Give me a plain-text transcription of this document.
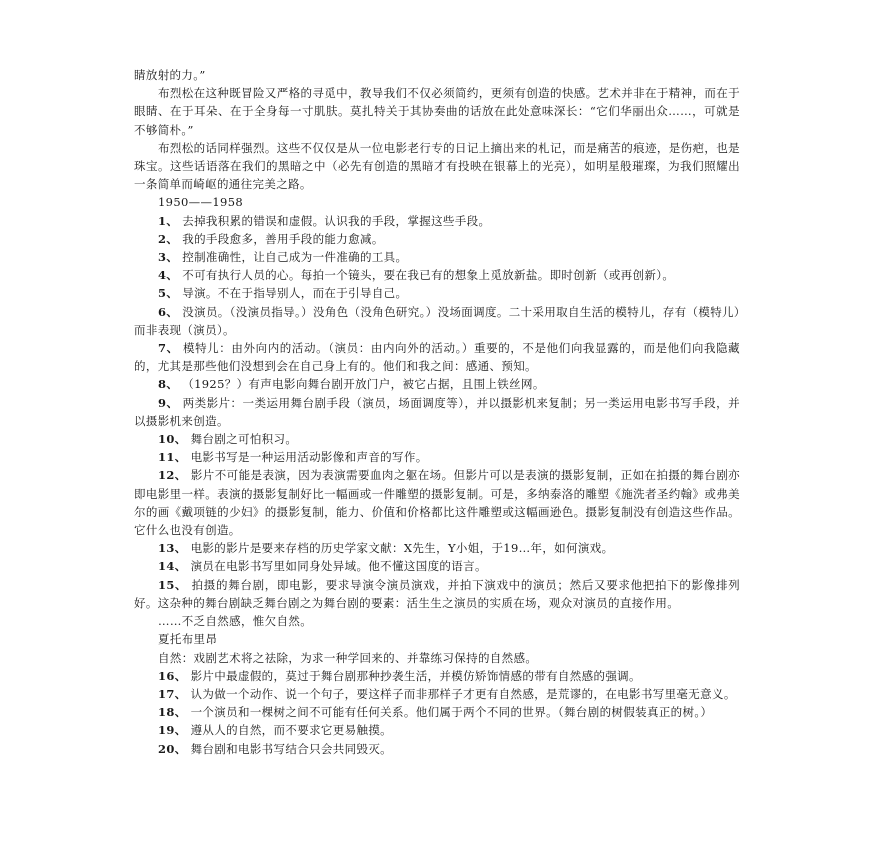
睛放射的力。”

布烈松在这种既冒险又严格的寻觅中，教导我们不仅必须简约，更须有创造的快感。艺术并非在于精神，而在于眼睛、在于耳朵、在于全身每一寸肌肤。莫扎特关于其协奏曲的话放在此处意味深长：“它们华丽出众……，可就是不够简朴。”

布烈松的话同样强烈。这些不仅仅是从一位电影老行专的日记上摘出来的札记，而是痛苦的痕迹，是伤疤，也是珠宝。这些话语落在我们的黑暗之中（必先有创造的黑暗才有投映在银幕上的光亮），如明星般璀璨，为我们照耀出一条简单而崎岖的通往完美之路。

1950——1958

1、 去掉我积累的错误和虚假。认识我的手段，掌握这些手段。

2、 我的手段愈多，善用手段的能力愈减。

3、 控制准确性，让自己成为一件准确的工具。

4、 不可有执行人员的心。每拍一个镜头，要在我已有的想象上觅放新盐。即时创新（或再创新）。

5、 导演。不在于指导别人，而在于引导自己。

6、 没演员。（没演员指导。）没角色（没角色研究。）没场面调度。二十采用取自生活的模特儿，存有（模特儿）而非表现（演员）。

7、 模特儿：由外向内的活动。（演员：由内向外的活动。）重要的，不是他们向我显露的，而是他们向我隐藏的，尤其是那些他们没想到会在自己身上有的。他们和我之间：感通、预知。

8、 （1925？）有声电影向舞台剧开放门户，被它占据，且围上铁丝网。

9、 两类影片：一类运用舞台剧手段（演员，场面调度等），并以摄影机来复制；另一类运用电影书写手段，并以摄影机来创造。

10、 舞台剧之可怕积习。

11、 电影书写是一种运用活动影像和声音的写作。

12、 影片不可能是表演，因为表演需要血肉之躯在场。但影片可以是表演的摄影复制，正如在拍摄的舞台剧亦即电影里一样。表演的摄影复制好比一幅画或一件雕塑的摄影复制。可是，多纳泰洛的雕塑《施洗者圣约翰》或弗美尔的画《戴项链的少妇》的摄影复制，能力、价值和价格都比这件雕塑或这幅画逊色。摄影复制没有创造这些作品。它什么也没有创造。

13、 电影的影片是要来存档的历史学家文献：X先生，Y小姐，于19…年，如何演戏。

14、 演员在电影书写里如同身处异域。他不懂这国度的语言。

15、 拍摄的舞台剧，即电影，要求导演令演员演戏，并拍下演戏中的演员；然后又要求他把拍下的影像排列好。这杂种的舞台剧缺乏舞台剧之为舞台剧的要素：活生生之演员的实质在场，观众对演员的直接作用。

……不乏自然感，惟欠自然。

夏托布里昂

自然：戏剧艺术将之祛除，为求一种学回来的、并靠练习保持的自然感。

16、 影片中最虚假的，莫过于舞台剧那种抄袭生活，并模仿矫饰情感的带有自然感的强调。

17、 认为做一个动作、说一个句子，要这样子而非那样子才更有自然感，是荒谬的，在电影书写里毫无意义。

18、 一个演员和一棵树之间不可能有任何关系。他们属于两个不同的世界。（舞台剧的树假装真正的树。）

19、 遵从人的自然，而不要求它更易触摸。

20、 舞台剧和电影书写结合只会共同毁灭。
